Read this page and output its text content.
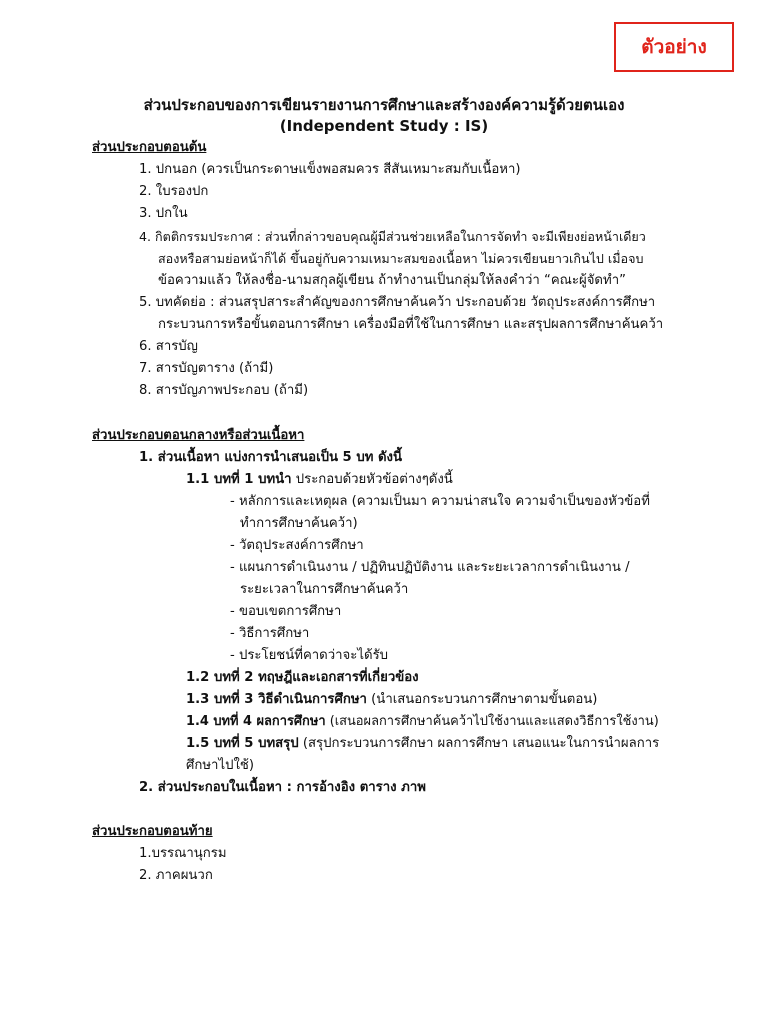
ตัวอย่าง
ส่วนประกอบของการเขียนรายงานการศึกษาและสร้างองค์ความรู้ด้วยตนเอง
(Independent Study : IS)
ส่วนประกอบตอนต้น
1. ปกนอก (ควรเป็นกระดาษแข็งพอสมควร สีสันเหมาะสมกับเนื้อหา)
2. ใบรองปก
3. ปกใน
4. กิตติกรรมประกาศ : ส่วนที่กล่าวขอบคุณผู้มีส่วนช่วยเหลือในการจัดทำ จะมีเพียงย่อหน้าเดียว
สองหรือสามย่อหน้าก็ได้ ขึ้นอยู่กับความเหมาะสมของเนื้อหา ไม่ควรเขียนยาวเกินไป เมื่อจบ
ข้อความแล้ว ให้ลงชื่อ-นามสกุลผู้เขียน ถ้าทำงานเป็นกลุ่มให้ลงคำว่า “คณะผู้จัดทำ”
5. บทคัดย่อ : ส่วนสรุปสาระสำคัญของการศึกษาค้นคว้า ประกอบด้วย วัตถุประสงค์การศึกษา
กระบวนการหรือขั้นตอนการศึกษา เครื่องมือที่ใช้ในการศึกษา และสรุปผลการศึกษาค้นคว้า
6. สารบัญ
7. สารบัญตาราง (ถ้ามี)
8. สารบัญภาพประกอบ (ถ้ามี)
ส่วนประกอบตอนกลางหรือส่วนเนื้อหา
1. ส่วนเนื้อหา แบ่งการนำเสนอเป็น 5 บท ดังนี้
1.1 บทที่ 1 บทนำ ประกอบด้วยหัวข้อต่างๆดังนี้
- หลักการและเหตุผล (ความเป็นมา ความน่าสนใจ ความจำเป็นของหัวข้อที่
ทำการศึกษาค้นคว้า)
- วัตถุประสงค์การศึกษา
- แผนการดำเนินงาน / ปฏิทินปฏิบัติงาน และระยะเวลาการดำเนินงาน /
ระยะเวลาในการศึกษาค้นคว้า
- ขอบเขตการศึกษา
- วิธีการศึกษา
- ประโยชน์ที่คาดว่าจะได้รับ
1.2 บทที่ 2 ทฤษฎีและเอกสารที่เกี่ยวข้อง
1.3 บทที่ 3 วิธีดำเนินการศึกษา (นำเสนอกระบวนการศึกษาตามขั้นตอน)
1.4 บทที่ 4 ผลการศึกษา (เสนอผลการศึกษาค้นคว้าไปใช้งานและแสดงวิธีการใช้งาน)
1.5 บทที่ 5 บทสรุป (สรุปกระบวนการศึกษา ผลการศึกษา เสนอแนะในการนำผลการ
ศึกษาไปใช้)
2. ส่วนประกอบในเนื้อหา : การอ้างอิง ตาราง ภาพ
ส่วนประกอบตอนท้าย
1.บรรณานุกรม
2. ภาคผนวก
